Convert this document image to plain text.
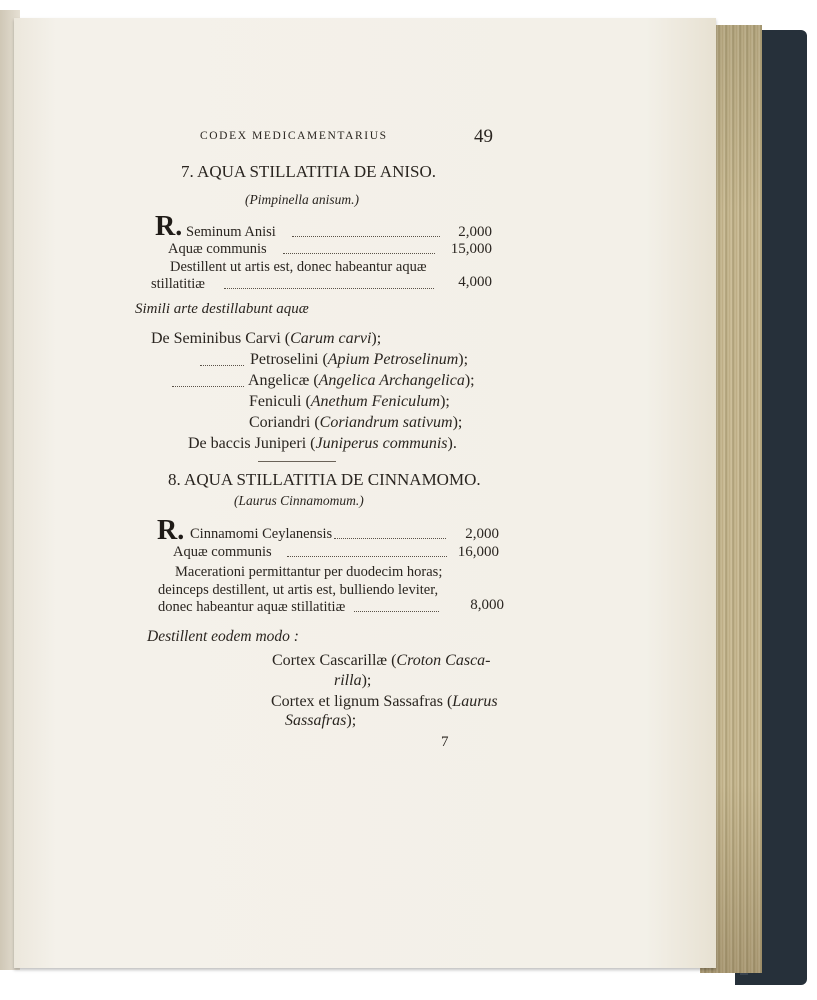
CODEX MEDICAMENTARIUS	49
7. AQUA STILLATITIA DE ANISO.
(Pimpinella anisum.)
R. Seminum Anisi	2,000
Aquæ communis	15,000
Destillent ut artis est, donec habeantur aquæ
stillatitiæ	4,000
Simili arte destillabunt aquæ
De Seminibus Carvi (Carum carvi);
Petroselini (Apium Petroselinum);
Angelicæ (Angelica Archangelica);
Feniculi (Anethum Feniculum);
Coriandri (Coriandrum sativum);
De baccis Juniperi (Juniperus communis).
8. AQUA STILLATITIA DE CINNAMOMO.
(Laurus Cinnamomum.)
R. Cinnamomi Ceylanensis	2,000
Aquæ communis	16,000
Macerationi permittantur per duodecim horas;
deinceps destillent, ut artis est, bulliendo leviter,
donec habeantur aquæ stillatitiæ	8,000
Destillent eodem modo :
Cortex Cascarillæ (Croton Casca-
rilla);
Cortex et lignum Sassafras (Laurus
Sassafras);
7
